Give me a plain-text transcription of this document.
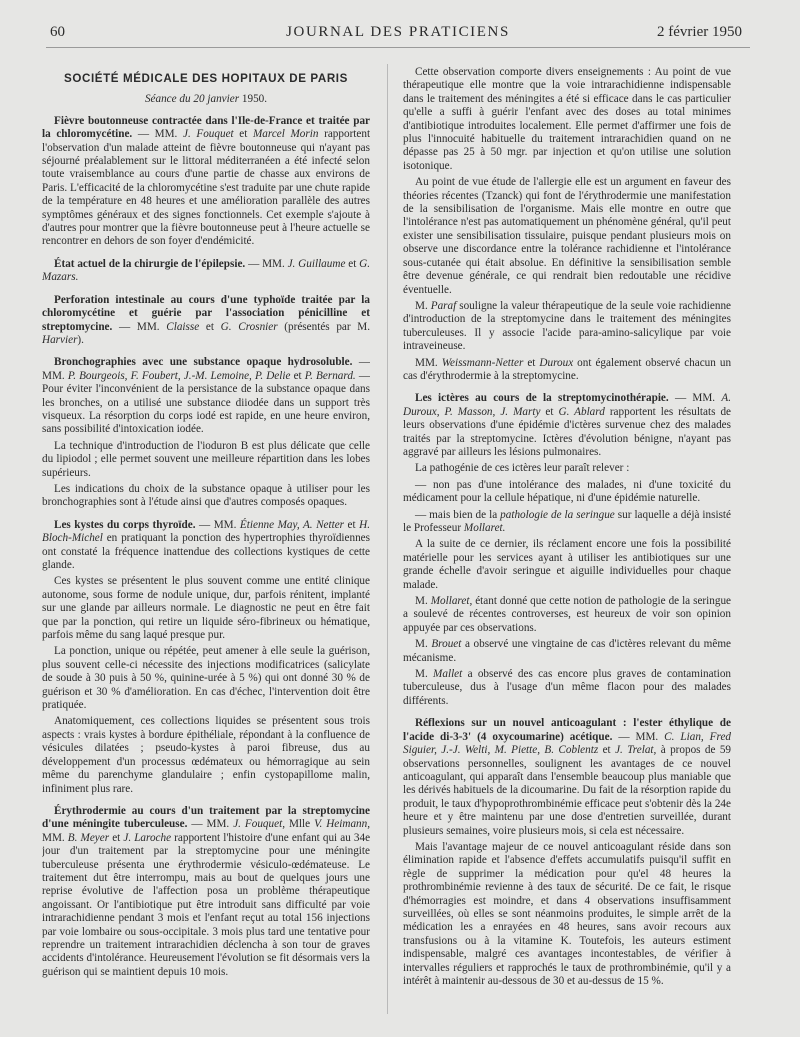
60	JOURNAL DES PRATICIENS	2 février 1950
SOCIÉTÉ MÉDICALE DES HOPITAUX DE PARIS
Séance du 20 janvier 1950.

Fièvre boutonneuse contractée dans l'Ile-de-France et traitée par la chloromycétine. — MM. J. Fouquet et Marcel Morin rapportent l'observation d'un malade atteint de fièvre boutonneuse qui n'ayant pas séjourné préalablement sur le littoral méditerranéen a été infecté selon toute vraisemblance au cours d'une partie de chasse aux environs de Paris. L'efficacité de la chloromycétine s'est traduite par une chute rapide de la température en 48 heures et une amélioration parallèle des autres symptômes généraux et des signes fonctionnels. Cet exemple s'ajoute à d'autres pour montrer que la fièvre boutonneuse peut à l'heure actuelle se rencontrer en dehors de son foyer d'endémicité.

État actuel de la chirurgie de l'épilepsie. — MM. J. Guillaume et G. Mazars.

Perforation intestinale au cours d'une typhoïde traitée par la chloromycétine et guérie par l'association pénicilline et streptomycine. — MM. Claisse et G. Crosnier (présentés par M. Harvier).

Bronchographies avec une substance opaque hydrosoluble. — MM. P. Bourgeois, F. Foubert, J.-M. Lemoine, P. Delie et P. Bernard. — Pour éviter l'inconvénient de la persistance de la substance opaque dans les bronches, on a utilisé une substance diiodée dans un support très visqueux. La résorption du corps iodé est rapide, en une heure environ, sans possibilité d'intoxication iodée.

La technique d'introduction de l'ioduron B est plus délicate que celle du lipiodol ; elle permet souvent une meilleure répartition dans les lobes supérieurs.

Les indications du choix de la substance opaque à utiliser pour les bronchographies sont à l'étude ainsi que d'autres composés opaques.

Les kystes du corps thyroïde. — MM. Étienne May, A. Netter et H. Bloch-Michel en pratiquant la ponction des hypertrophies thyroïdiennes ont constaté la fréquence inattendue des collections kystiques de cette glande.

Ces kystes se présentent le plus souvent comme une entité clinique autonome, sous forme de nodule unique, dur, parfois rénitent, implanté sur une glande par ailleurs normale. Le diagnostic ne peut en être fait que par la ponction, qui retire un liquide séro-fibrineux ou hématique, parfois même du sang laqué presque pur.

La ponction, unique ou répétée, peut amener à elle seule la guérison, plus souvent celle-ci nécessite des injections modificatrices (salicylate de soude à 30 puis à 50 %, quinine-urée à 5 %) qui ont donné 30 % de guérison et 30 % d'amélioration. En cas d'échec, l'intervention doit être pratiquée.

Anatomiquement, ces collections liquides se présentent sous trois aspects : vrais kystes à bordure épithéliale, répondant à la confluence de vésicules dilatées ; pseudo-kystes à paroi fibreuse, dus au développement d'un processus œdémateux ou hémorragique au sein même du parenchyme glandulaire ; enfin cystopapillome malin, infiniment plus rare.

Érythrodermie au cours d'un traitement par la streptomycine d'une méningite tuberculeuse. — MM. J. Fouquet, Mlle V. Heimann, MM. B. Meyer et J. Laroche rapportent l'histoire d'une enfant qui au 34e jour d'un traitement par la streptomycine pour une méningite tuberculeuse présenta une érythrodermie vésiculo-œdémateuse. Le traitement dut être interrompu, mais au bout de quelques jours une reprise évolutive de l'affection posa un problème thérapeutique angoissant. Or l'antibiotique put être introduit sans difficulté par voie intrarachidienne pendant 3 mois et l'enfant reçut au total 156 injections par voie lombaire ou sous-occipitale. 3 mois plus tard une tentative pour reprendre un traitement intrarachidien déclencha à son tour de graves accidents d'intolérance. Heureusement l'évolution se fit désormais vers la guérison qui se maintient depuis 10 mois.

Cette observation comporte divers enseignements : Au point de vue thérapeutique elle montre que la voie intrarachidienne indispensable dans le traitement des méningites a été si efficace dans le cas particulier qu'elle a suffi à guérir l'enfant avec des doses au total minimes d'antibiotique introduites localement. Elle permet d'affirmer une fois de plus l'innocuité habituelle du traitement intrarachidien quand on ne dépasse pas 25 à 50 mgr. par injection et qu'on utilise une solution isotonique.

Au point de vue étude de l'allergie elle est un argument en faveur des théories récentes (Tzanck) qui font de l'érythrodermie une manifestation de la sensibilisation de l'organisme. Mais elle montre en outre que l'intolérance n'est pas automatiquement un phénomène général, qu'il peut exister une sensibilisation tissulaire, puisque pendant plusieurs mois on observe une discordance entre la tolérance rachidienne et l'intolérance sous-cutanée qui était absolue. En définitive la sensibilisation semble être devenue générale, ce qui rendrait bien redoutable une récidive éventuelle.

M. Paraf souligne la valeur thérapeutique de la seule voie rachidienne d'introduction de la streptomycine dans le traitement des méningites tuberculeuses. Il y associe l'acide para-amino-salicylique par voie intraveineuse.

MM. Weissmann-Netter et Duroux ont également observé chacun un cas d'érythrodermie à la streptomycine.

Les ictères au cours de la streptomycinothérapie. — MM. A. Duroux, P. Masson, J. Marty et G. Ablard rapportent les résultats de leurs observations d'une épidémie d'ictères survenue chez des malades traités par la streptomycine. Ictères d'évolution bénigne, n'ayant pas aggravé par ailleurs les lésions pulmonaires.

La pathogénie de ces ictères leur paraît relever :

— non pas d'une intolérance des malades, ni d'une toxicité du médicament pour la cellule hépatique, ni d'une épidémie naturelle.

— mais bien de la pathologie de la seringue sur laquelle a déjà insisté le Professeur Mollaret.

A la suite de ce dernier, ils réclament encore une fois la possibilité matérielle pour les services ayant à utiliser les antibiotiques sur une grande échelle d'avoir seringue et aiguille individuelles pour chaque malade.

M. Mollaret, étant donné que cette notion de pathologie de la seringue a soulevé de récentes controverses, est heureux de voir son opinion appuyée par ces observations.

M. Brouet a observé une vingtaine de cas d'ictères relevant du même mécanisme.

M. Mallet a observé des cas encore plus graves de contamination tuberculeuse, dus à l'usage d'un même flacon pour des malades différents.

Réflexions sur un nouvel anticoagulant : l'ester éthylique de l'acide di-3-3' (4 oxycoumarine) acétique. — MM. C. Lian, Fred Siguier, J.-J. Welti, M. Piette, B. Coblentz et J. Trelat, à propos de 59 observations personnelles, soulignent les avantages de ce nouvel anticoagulant, qui apparaît dans l'ensemble beaucoup plus maniable que les dérivés habituels de la dicoumarine. Du fait de la résorption rapide du produit, le taux d'hypoprothrombinémie efficace peut s'obtenir dès la 24e heure et y être maintenu par une dose d'entretien surveillée, durant plusieurs semaines, voire plusieurs mois, si cela est nécessaire.

Mais l'avantage majeur de ce nouvel anticoagulant réside dans son élimination rapide et l'absence d'effets accumulatifs puisqu'il suffit en règle de supprimer la médication pour qu'el 48 heures la prothrombinémie revienne à des taux de sécurité. De ce fait, le risque d'hémorragies est moindre, et dans 4 observations insuffisamment surveillées, où elles se sont néanmoins produites, le simple arrêt de la médication les a enrayées en 48 heures, sans avoir recours aux transfusions ou à la vitamine K. Toutefois, les auteurs estiment indispensable, malgré ces avantages incontestables, de vérifier à intervalles réguliers et rapprochés le taux de prothrombinémie, qu'il y a intérêt à maintenir au-dessous de 30 et au-dessus de 15 %.
